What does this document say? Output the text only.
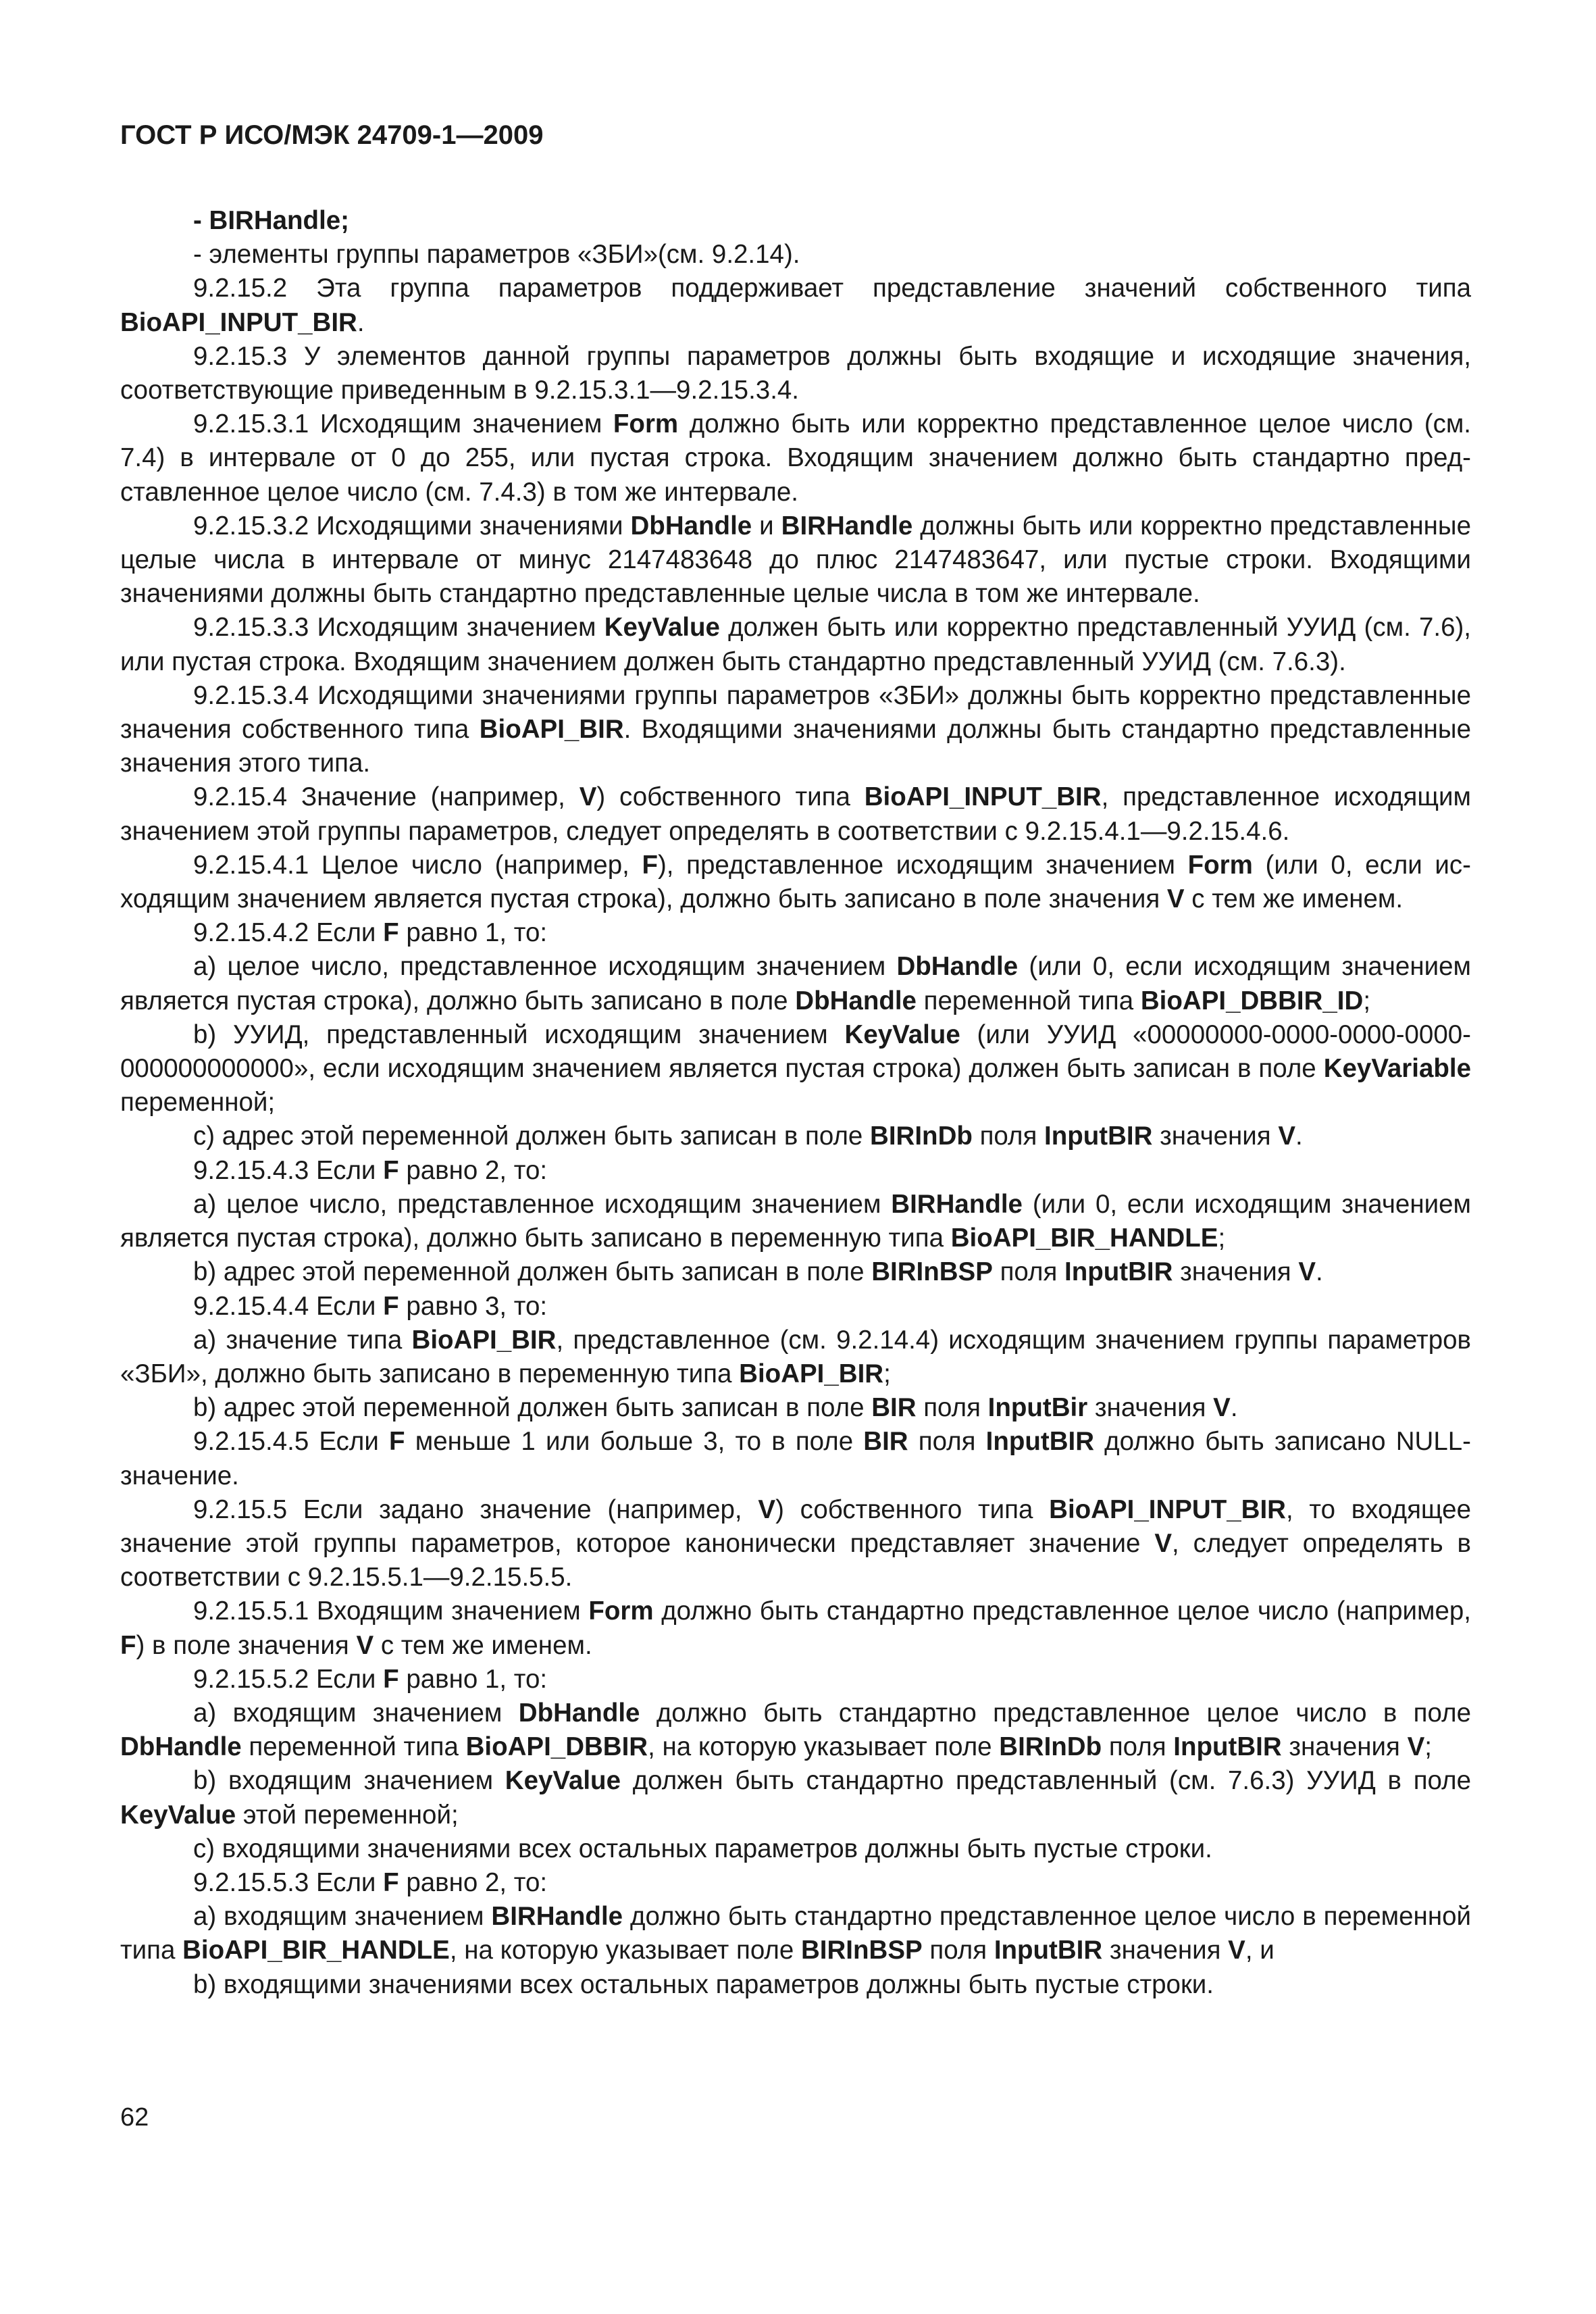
ГОСТ Р ИСО/МЭК 24709-1—2009

- BIRHandle;

- элементы группы параметров «ЗБИ»(см. 9.2.14).

9.2.15.2 Эта группа параметров поддерживает представление значений собственного типа BioAPI_INPUT_BIR.

9.2.15.3 У элементов данной группы параметров должны быть входящие и исходящие значения, соответствующие приведенным в 9.2.15.3.1—9.2.15.3.4.

9.2.15.3.1 Исходящим значением Form должно быть или корректно представленное целое число (см. 7.4) в интервале от 0 до 255, или пустая строка. Входящим значением должно быть стандартно представленное целое число (см. 7.4.3) в том же интервале.

9.2.15.3.2 Исходящими значениями DbHandle и BIRHandle должны быть или корректно представленные целые числа в интервале от минус 2147483648 до плюс 2147483647, или пустые строки. Входящими значениями должны быть стандартно представленные целые числа в том же интервале.

9.2.15.3.3 Исходящим значением KeyValue должен быть или корректно представленный УУИД (см. 7.6), или пустая строка. Входящим значением должен быть стандартно представленный УУИД (см. 7.6.3).

9.2.15.3.4 Исходящими значениями группы параметров «ЗБИ» должны быть корректно представленные значения собственного типа BioAPI_BIR. Входящими значениями должны быть стандартно представленные значения этого типа.

9.2.15.4 Значение (например, V) собственного типа BioAPI_INPUT_BIR, представленное исходящим значением этой группы параметров, следует определять в соответствии с 9.2.15.4.1—9.2.15.4.6.

9.2.15.4.1 Целое число (например, F), представленное исходящим значением Form (или 0, если исходящим значением является пустая строка), должно быть записано в поле значения V с тем же именем.

9.2.15.4.2 Если F равно 1, то:

a) целое число, представленное исходящим значением DbHandle (или 0, если исходящим значением является пустая строка), должно быть записано в поле DbHandle переменной типа BioAPI_DBBIR_ID;

b) УУИД, представленный исходящим значением KeyValue (или УУИД «00000000-0000-0000-0000-000000000000», если исходящим значением является пустая строка) должен быть записан в поле KeyVariable переменной;

c) адрес этой переменной должен быть записан в поле BIRInDb поля InputBIR значения V.

9.2.15.4.3 Если F равно 2, то:

a) целое число, представленное исходящим значением BIRHandle (или 0, если исходящим значением является пустая строка), должно быть записано в переменную типа BioAPI_BIR_HANDLE;

b) адрес этой переменной должен быть записан в поле BIRInBSP поля InputBIR значения V.

9.2.15.4.4 Если F равно 3, то:

a) значение типа BioAPI_BIR, представленное (см. 9.2.14.4) исходящим значением группы параметров «ЗБИ», должно быть записано в переменную типа BioAPI_BIR;

b) адрес этой переменной должен быть записан в поле BIR поля InputBir значения V.

9.2.15.4.5 Если F меньше 1 или больше 3, то в поле BIR поля InputBIR должно быть записано NULL-значение.

9.2.15.5 Если задано значение (например, V) собственного типа BioAPI_INPUT_BIR, то входящее значение этой группы параметров, которое канонически представляет значение V, следует определять в соответствии с 9.2.15.5.1—9.2.15.5.5.

9.2.15.5.1 Входящим значением Form должно быть стандартно представленное целое число (например, F) в поле значения V с тем же именем.

9.2.15.5.2 Если F равно 1, то:

a) входящим значением DbHandle должно быть стандартно представленное целое число в поле DbHandle переменной типа BioAPI_DBBIR, на которую указывает поле BIRInDb поля InputBIR значения V;

b) входящим значением KeyValue должен быть стандартно представленный (см. 7.6.3) УУИД в поле KeyValue этой переменной;

c) входящими значениями всех остальных параметров должны быть пустые строки.

9.2.15.5.3 Если F равно 2, то:

a) входящим значением BIRHandle должно быть стандартно представленное целое число в переменной типа BioAPI_BIR_HANDLE, на которую указывает поле BIRInBSP поля InputBIR значения V, и

b) входящими значениями всех остальных параметров должны быть пустые строки.

62
